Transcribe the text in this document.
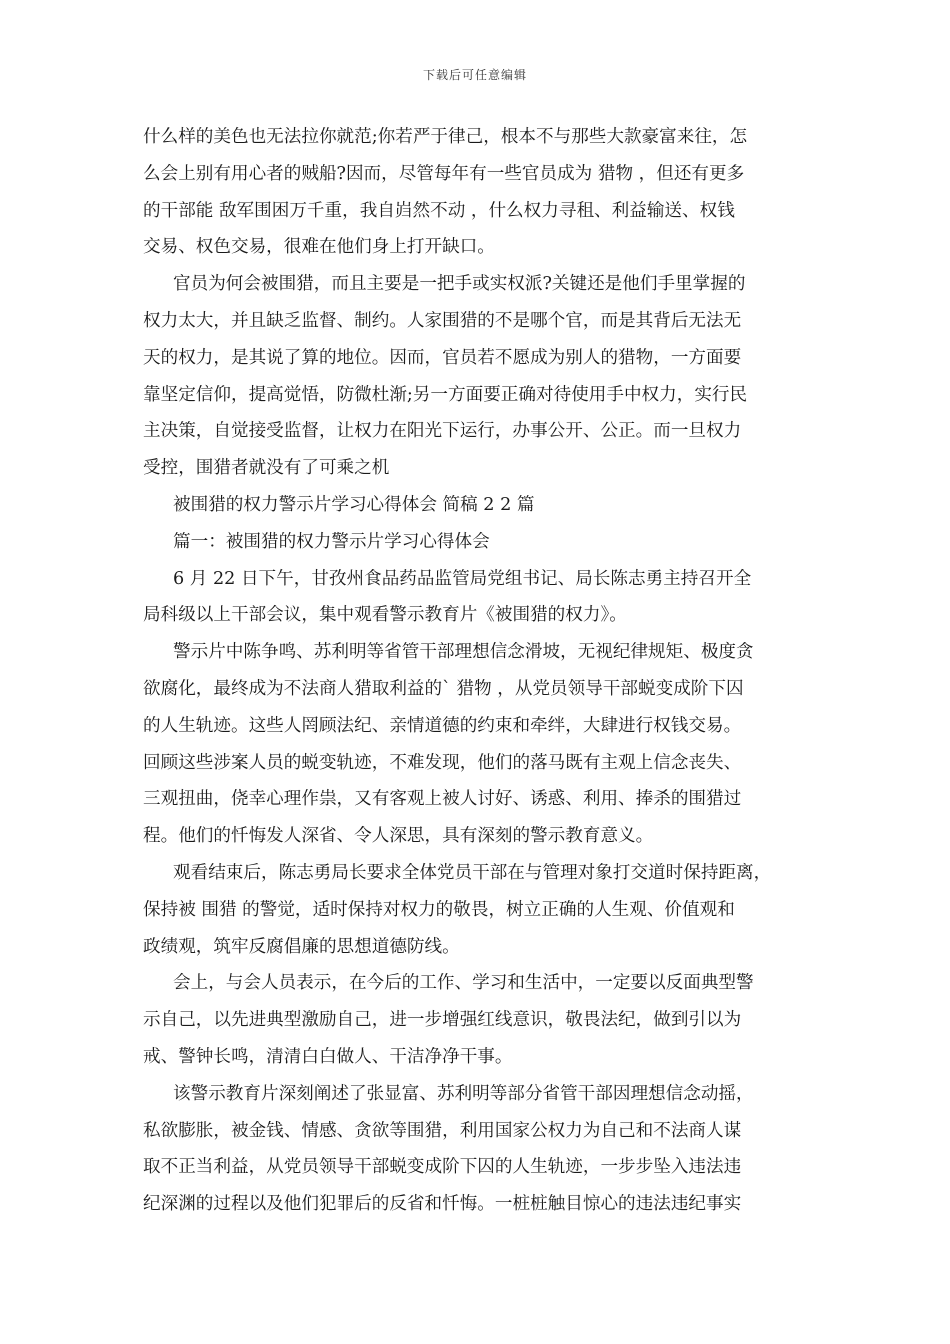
下载后可任意编辑
什么样的美色也无法拉你就范;你若严于律己，根本不与那些大款豪富来往，怎
么会上别有用心者的贼船?因而，尽管每年有一些官员成为 猎物 ，但还有更多
的干部能 敌军围困万千重，我自岿然不动 ，什么权力寻租、利益输送、权钱
交易、权色交易，很难在他们身上打开缺口。
官员为何会被围猎，而且主要是一把手或实权派?关键还是他们手里掌握的
权力太大，并且缺乏监督、制约。人家围猎的不是哪个官，而是其背后无法无
天的权力，是其说了算的地位。因而，官员若不愿成为别人的猎物，一方面要
靠坚定信仰，提高觉悟，防微杜渐;另一方面要正确对待使用手中权力，实行民
主决策，自觉接受监督，让权力在阳光下运行，办事公开、公正。而一旦权力
受控，围猎者就没有了可乘之机
被围猎的权力警示片学习心得体会 简稿 2 2 篇
篇一：被围猎的权力警示片学习心得体会
6 月 22 日下午，甘孜州食品药品监管局党组书记、局长陈志勇主持召开全
局科级以上干部会议，集中观看警示教育片《被围猎的权力》。
警示片中陈争鸣、苏利明等省管干部理想信念滑坡，无视纪律规矩、极度贪
欲腐化，最终成为不法商人猎取利益的` 猎物 ，从党员领导干部蜕变成阶下囚
的人生轨迹。这些人罔顾法纪、亲情道德的约束和牵绊，大肆进行权钱交易。
回顾这些涉案人员的蜕变轨迹，不难发现，他们的落马既有主观上信念丧失、
三观扭曲，侥幸心理作祟，又有客观上被人讨好、诱惑、利用、捧杀的围猎过
程。他们的忏悔发人深省、令人深思，具有深刻的警示教育意义。
观看结束后，陈志勇局长要求全体党员干部在与管理对象打交道时保持距离，
保持被 围猎 的警觉，适时保持对权力的敬畏，树立正确的人生观、价值观和
政绩观，筑牢反腐倡廉的思想道德防线。
会上，与会人员表示，在今后的工作、学习和生活中，一定要以反面典型警
示自己，以先进典型激励自己，进一步增强红线意识，敬畏法纪，做到引以为
戒、警钟长鸣，清清白白做人、干洁净净干事。
该警示教育片深刻阐述了张显富、苏利明等部分省管干部因理想信念动摇，
私欲膨胀，被金钱、情感、贪欲等围猎，利用国家公权力为自己和不法商人谋
取不正当利益，从党员领导干部蜕变成阶下囚的人生轨迹，一步步坠入违法违
纪深渊的过程以及他们犯罪后的反省和忏悔。一桩桩触目惊心的违法违纪事实
